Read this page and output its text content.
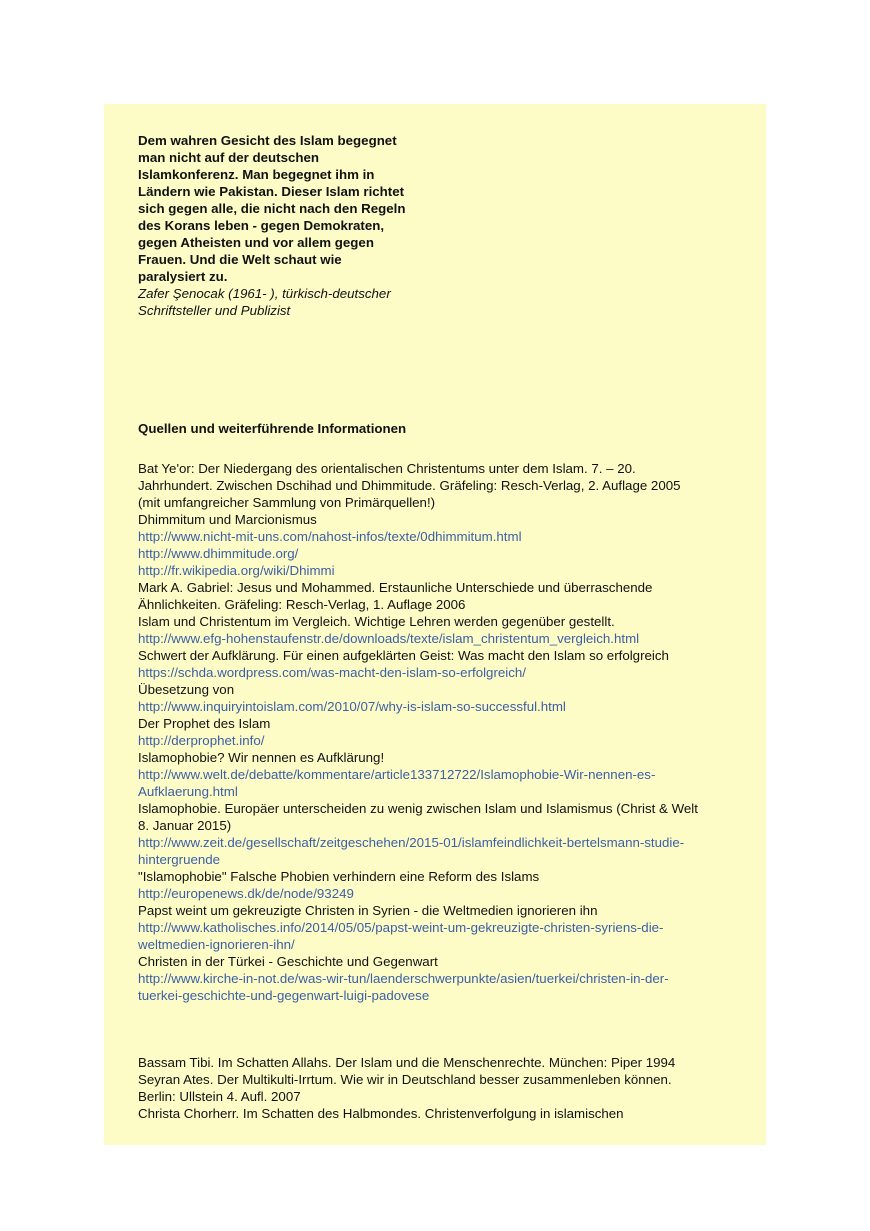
Dem wahren Gesicht des Islam begegnet man nicht auf der deutschen Islamkonferenz. Man begegnet ihm in Ländern wie Pakistan. Dieser Islam richtet sich gegen alle, die nicht nach den Regeln des Korans leben - gegen Demokraten, gegen Atheisten und vor allem gegen Frauen. Und die Welt schaut wie paralysiert zu.

Zafer Şenocak (1961- ), türkisch-deutscher Schriftsteller und Publizist

Quellen und weiterführende Informationen

Bat Ye'or: Der Niedergang des orientalischen Christentums unter dem Islam. 7. – 20. Jahrhundert. Zwischen Dschihad und Dhimmitude. Gräfeling: Resch-Verlag, 2. Auflage 2005 (mit umfangreicher Sammlung von Primärquellen!)
Dhimmitum und Marcionismus
http://www.nicht-mit-uns.com/nahost-infos/texte/0dhimmitum.html
http://www.dhimmitude.org/
http://fr.wikipedia.org/wiki/Dhimmi
Mark A. Gabriel: Jesus und Mohammed. Erstaunliche Unterschiede und überraschende Ähnlichkeiten. Gräfeling: Resch-Verlag, 1. Auflage 2006
Islam und Christentum im Vergleich. Wichtige Lehren werden gegenüber gestellt.
http://www.efg-hohenstaufenstr.de/downloads/texte/islam_christentum_vergleich.html
Schwert der Aufklärung. Für einen aufgeklärten Geist: Was macht den Islam so erfolgreich
https://schda.wordpress.com/was-macht-den-islam-so-erfolgreich/
Übesetzung von
http://www.inquiryintoislam.com/2010/07/why-is-islam-so-successful.html
Der Prophet des Islam
http://derprophet.info/
Islamophobie? Wir nennen es Aufklärung!
http://www.welt.de/debatte/kommentare/article133712722/Islamophobie-Wir-nennen-es-Aufklaerung.html
Islamophobie. Europäer unterscheiden zu wenig zwischen Islam und Islamismus (Christ & Welt 8. Januar 2015)
http://www.zeit.de/gesellschaft/zeitgeschehen/2015-01/islamfeindlichkeit-bertelsmann-studie-hintergruende
"Islamophobie" Falsche Phobien verhindern eine Reform des Islams
http://europenews.dk/de/node/93249
Papst weint um gekreuzigte Christen in Syrien - die Weltmedien ignorieren ihn
http://www.katholisches.info/2014/05/05/papst-weint-um-gekreuzigte-christen-syriens-die-weltmedien-ignorieren-ihn/
Christen in der Türkei - Geschichte und Gegenwart
http://www.kirche-in-not.de/was-wir-tun/laenderschwerpunkte/asien/tuerkei/christen-in-der-tuerkei-geschichte-und-gegenwart-luigi-padovese
Bassam Tibi. Im Schatten Allahs. Der Islam und die Menschenrechte. München: Piper 1994
Seyran Ates. Der Multikulti-Irrtum. Wie wir in Deutschland besser zusammenleben können. Berlin: Ullstein 4. Aufl. 2007
Christa Chorherr. Im Schatten des Halbmondes. Christenverfolgung in islamischen
